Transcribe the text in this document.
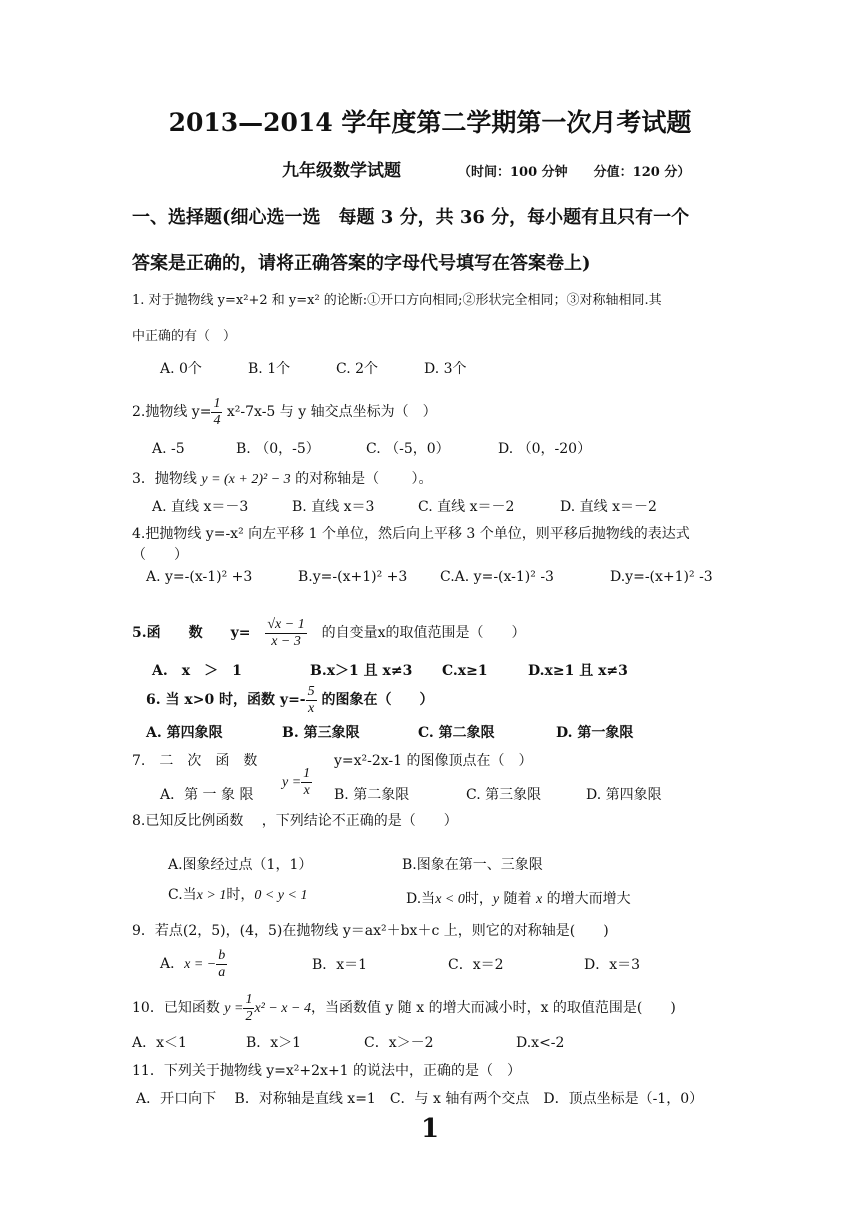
2013—2014 学年度第二学期第一次月考试题
九年级数学试题	（时间：100 分钟　　分值：120 分）
一、选择题(细心选一选　每题 3 分，共 36 分，每小题有且只有一个
答案是正确的，请将正确答案的字母代号填写在答案卷上)
1. 对于抛物线 y=x²+2 和 y=x² 的论断:①开口方向相同;②形状完全相同；③对称轴相同.其
中正确的有（　）
A. 0个	B. 1个	C. 2个	D. 3个
2.抛物线 $y= \frac{1}{4} x^2-7x-5$ 与 y 轴交点坐标为（　）
A. -5	B. （0，-5）	C. （-5，0）	D. （0，-20）
3．抛物线 y = (x + 2)² − 3 的对称轴是（　　 ）。
A. 直线 x＝－3	B. 直线 x＝3	C. 直线 x＝－2	D. 直线 x＝－2
4.把抛物线 y=-x² 向左平移 1 个单位，然后向上平移 3 个单位，则平移后抛物线的表达式
（　　）
A. y=-(x-1)² +3	B.y=-(x+1)² +3 C.A. y=-(x-1)² -3	D.y=-(x+1)² -3
5.函　　数　　$y= \frac{√x - 1}{x - 3}$ 的自变量x的取值范围是（　　）
A.　x　＞　1	B.x＞1 且 x≠3 C.x≥1	D.x≥1 且 x≠3
6. 当 x>0 时，函数 $y=- \frac{5}{x}$ 的图象在（　　）
A. 第四象限	B. 第三象限	C. 第二象限	D. 第一象限
7.　二　次　函　数
$y = \frac{1}{x}$
y=x²-2x-1 的图像顶点在（　）
A．第 一 象 限	B. 第二象限	C. 第三象限	D. 第四象限
8.已知反比例函数　 ，下列结论不正确的是（　　）
A.图象经过点（1，1）	B.图象在第一、三象限
C.当x > 1时，0 < y < 1	D.当x < 0时，y 随着 x 的增大而增大
9．若点(2，5)，(4，5)在抛物线 y＝ax²＋bx＋c 上，则它的对称轴是(　　)
A．x = − $\frac{b}{a}$	B．x＝1	C．x＝2	D．x＝3
10．已知函数 $y = \frac{1}{2} x^2 - x - 4$，当函数值 y 随 x 的增大而减小时，x 的取值范围是(　　)
A．x＜1	B．x＞1	C．x＞－2	D.x<-2
11．下列关于抛物线 y=x²+2x+1 的说法中，正确的是（　）
A．开口向下　 B．对称轴是直线 x=1　C．与 x 轴有两个交点　D．顶点坐标是（-1，0）
1
